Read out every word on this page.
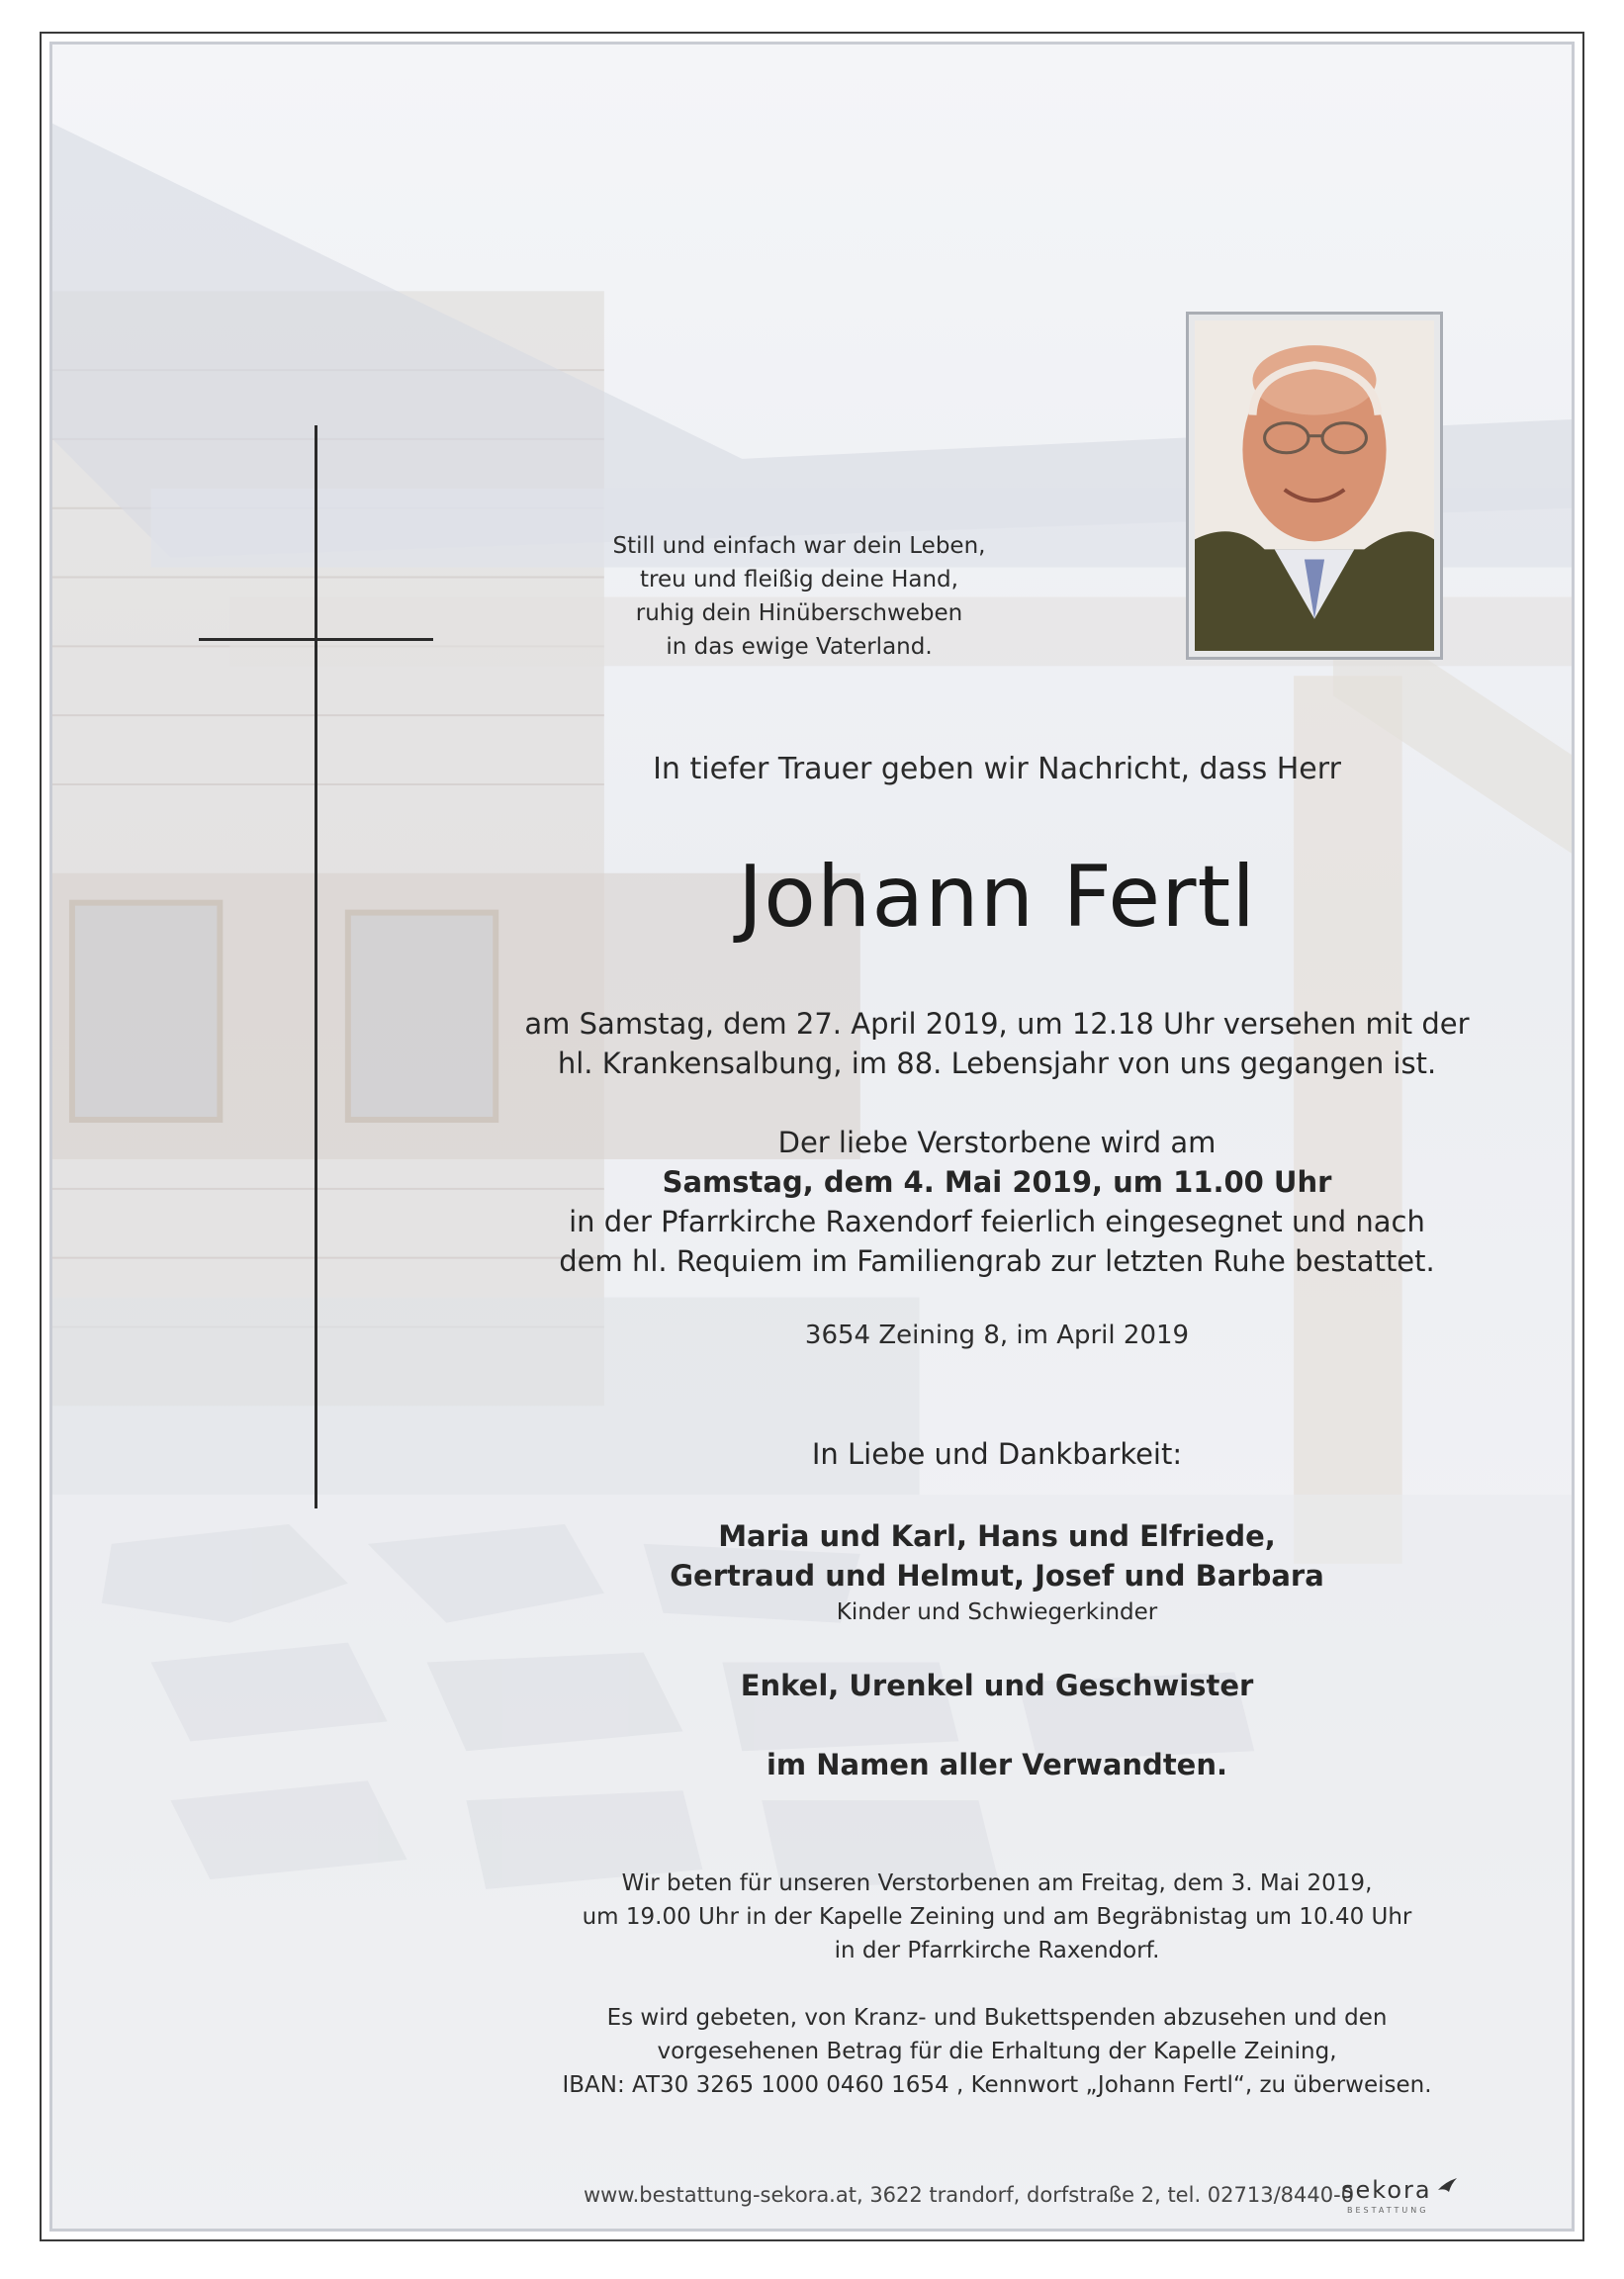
Still und einfach war dein Leben,
treu und fleißig deine Hand,
ruhig dein Hinüberschweben
in das ewige Vaterland.
In tiefer Trauer geben wir Nachricht, dass Herr
Johann Fertl
am Samstag, dem 27. April 2019, um 12.18 Uhr versehen mit der
hl. Krankensalbung, im 88. Lebensjahr von uns gegangen ist.
Der liebe Verstorbene wird am
Samstag, dem 4. Mai 2019, um 11.00 Uhr
in der Pfarrkirche Raxendorf feierlich eingesegnet und nach
dem hl. Requiem im Familiengrab zur letzten Ruhe bestattet.
3654 Zeining 8, im April 2019
In Liebe und Dankbarkeit:
Maria und Karl, Hans und Elfriede,
Gertraud und Helmut, Josef und Barbara
Kinder und Schwiegerkinder
Enkel, Urenkel und Geschwister
im Namen aller Verwandten.
Wir beten für unseren Verstorbenen am Freitag, dem 3. Mai 2019,
um 19.00 Uhr in der Kapelle Zeining und am Begräbnistag um 10.40 Uhr
in der Pfarrkirche Raxendorf.
Es wird gebeten, von Kranz- und Bukettspenden abzusehen und den
vorgesehenen Betrag für die Erhaltung der Kapelle Zeining,
IBAN: AT30 3265 1000 0460 1654 , Kennwort „Johann Fertl“, zu überweisen.
www.bestattung-sekora.at, 3622 trandorf, dorfstraße 2, tel. 02713/8440-0
sekora
BESTATTUNG
